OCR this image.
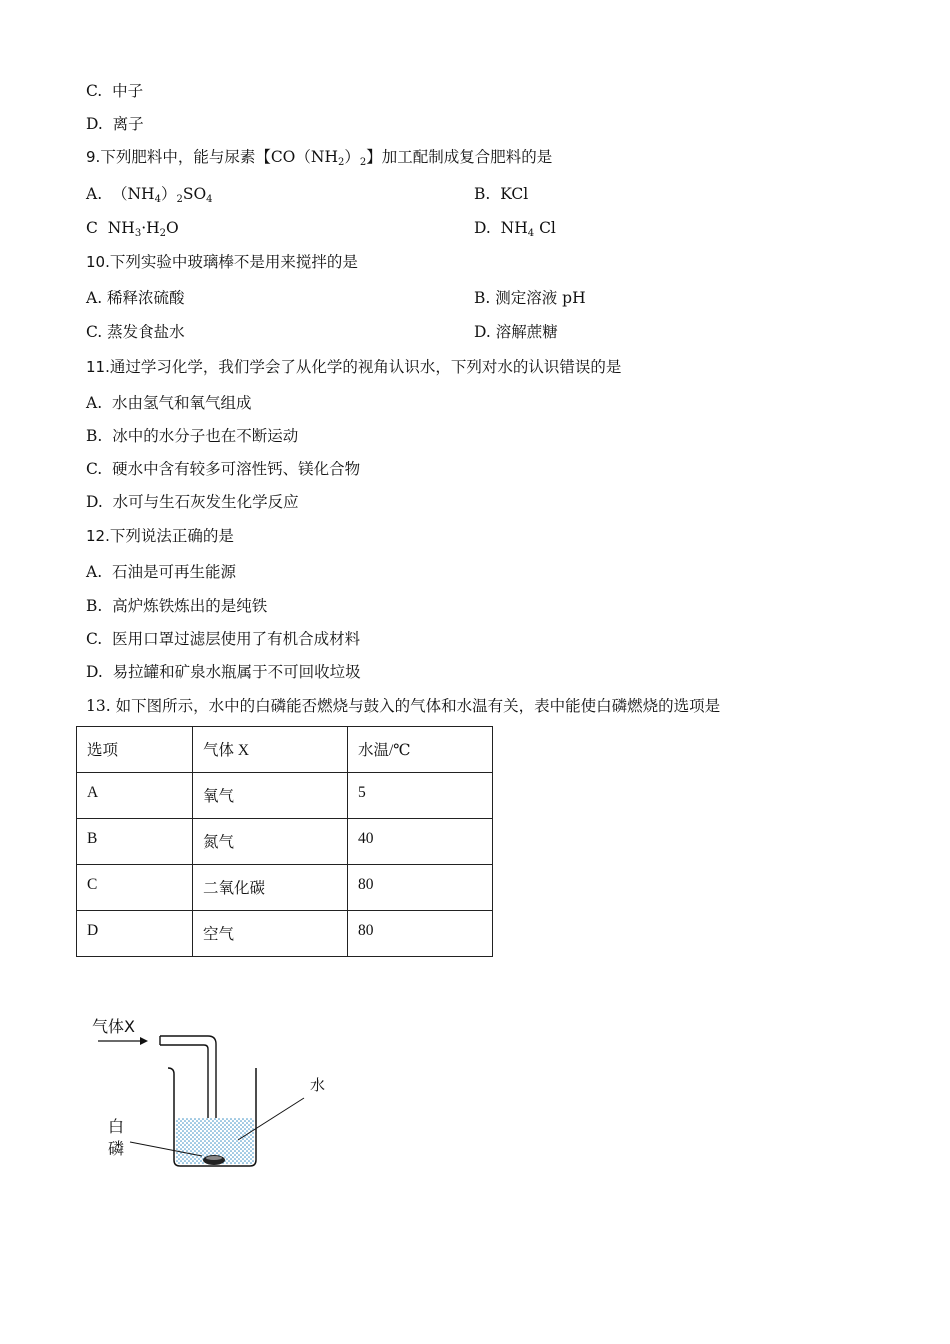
C. 中子
D. 离子
9.下列肥料中，能与尿素【$CO(NH_2)_2$】加工配制成复合肥料的是
A. $(NH_4)_2SO_4$	B. KCl
C $NH_3\cdot H_2O$	D. $NH_4$ Cl
10.下列实验中玻璃棒不是用来搅拌的是
A. 稀释浓硫酸	B. 测定溶液 pH
C. 蒸发食盐水	D. 溶解蔗糖
11.通过学习化学，我们学会了从化学的视角认识水，下列对水的认识错误的是
A. 水由氢气和氧气组成
B. 冰中的水分子也在不断运动
C. 硬水中含有较多可溶性钙、镁化合物
D. 水可与生石灰发生化学反应
12.下列说法正确的是
A. 石油是可再生能源
B. 高炉炼铁炼出的是纯铁
C. 医用口罩过滤层使用了有机合成材料
D. 易拉罐和矿泉水瓶属于不可回收垃圾
13. 如下图所示，水中的白磷能否燃烧与鼓入的气体和水温有关，表中能使白磷燃烧的选项是
选项	气体 X	水温/℃
A	氧气	5
B	氮气	40
C	二氧化碳	80
D	空气	80
气体X
水
白
磷
